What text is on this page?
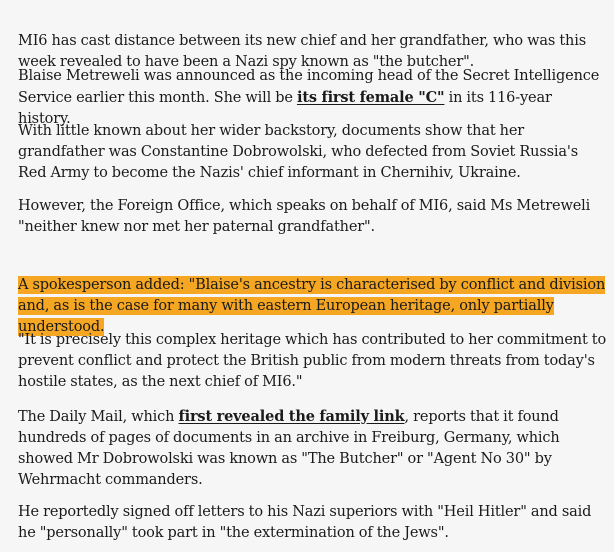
MI6 has cast distance between its new chief and her grandfather, who was this week revealed to have been a Nazi spy known as "the butcher".

Blaise Metreweli was announced as the incoming head of the Secret Intelligence Service earlier this month. She will be its first female "C" in its 116-year history.

With little known about her wider backstory, documents show that her grandfather was Constantine Dobrowolski, who defected from Soviet Russia's Red Army to become the Nazis' chief informant in Chernihiv, Ukraine.

However, the Foreign Office, which speaks on behalf of MI6, said Ms Metreweli "neither knew nor met her paternal grandfather".

A spokesperson added: "Blaise's ancestry is characterised by conflict and division and, as is the case for many with eastern European heritage, only partially understood.

"It is precisely this complex heritage which has contributed to her commitment to prevent conflict and protect the British public from modern threats from today's hostile states, as the next chief of MI6."

The Daily Mail, which first revealed the family link, reports that it found hundreds of pages of documents in an archive in Freiburg, Germany, which showed Mr Dobrowolski was known as "The Butcher" or "Agent No 30" by Wehrmacht commanders.

He reportedly signed off letters to his Nazi superiors with "Heil Hitler" and said he "personally" took part in "the extermination of the Jews".
